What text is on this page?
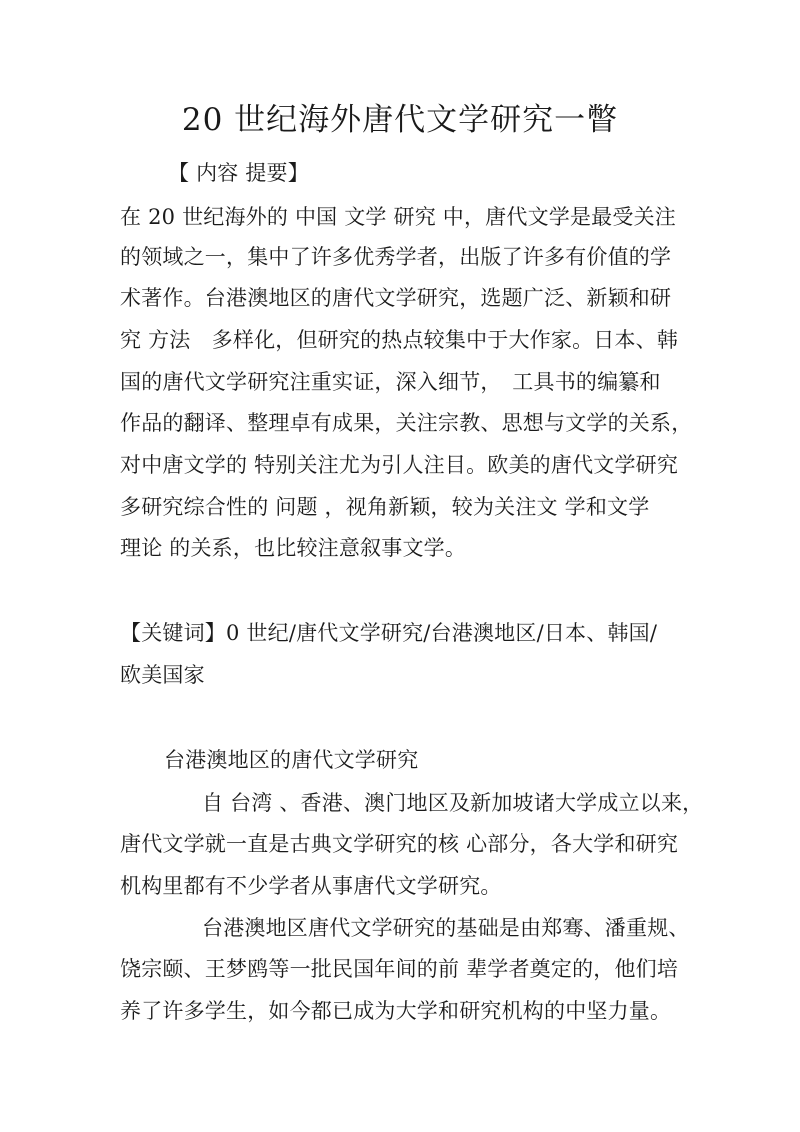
20 世纪海外唐代文学研究一瞥
【 内容 提要】
在 20 世纪海外的 中国 文学 研究 中，唐代文学是最受关注
的领域之一，集中了许多优秀学者，出版了许多有价值的学
术著作。台港澳地区的唐代文学研究，选题广泛、新颖和研
究 方法　多样化，但研究的热点较集中于大作家。日本、韩
国的唐代文学研究注重实证，深入细节，　工具书的编纂和
作品的翻译、整理卓有成果，关注宗教、思想与文学的关系，
对中唐文学的 特别关注尤为引人注目。欧美的唐代文学研究
多研究综合性的 问题 ，视角新颖，较为关注文 学和文学
理论 的关系，也比较注意叙事文学。
【关键词】0 世纪/唐代文学研究/台港澳地区/日本、韩国/
欧美国家
台港澳地区的唐代文学研究
自 台湾 、香港、澳门地区及新加坡诸大学成立以来，
唐代文学就一直是古典文学研究的核 心部分，各大学和研究
机构里都有不少学者从事唐代文学研究。
台港澳地区唐代文学研究的基础是由郑骞、潘重规、
饶宗颐、王梦鸥等一批民国年间的前 辈学者奠定的，他们培
养了许多学生，如今都已成为大学和研究机构的中坚力量。
